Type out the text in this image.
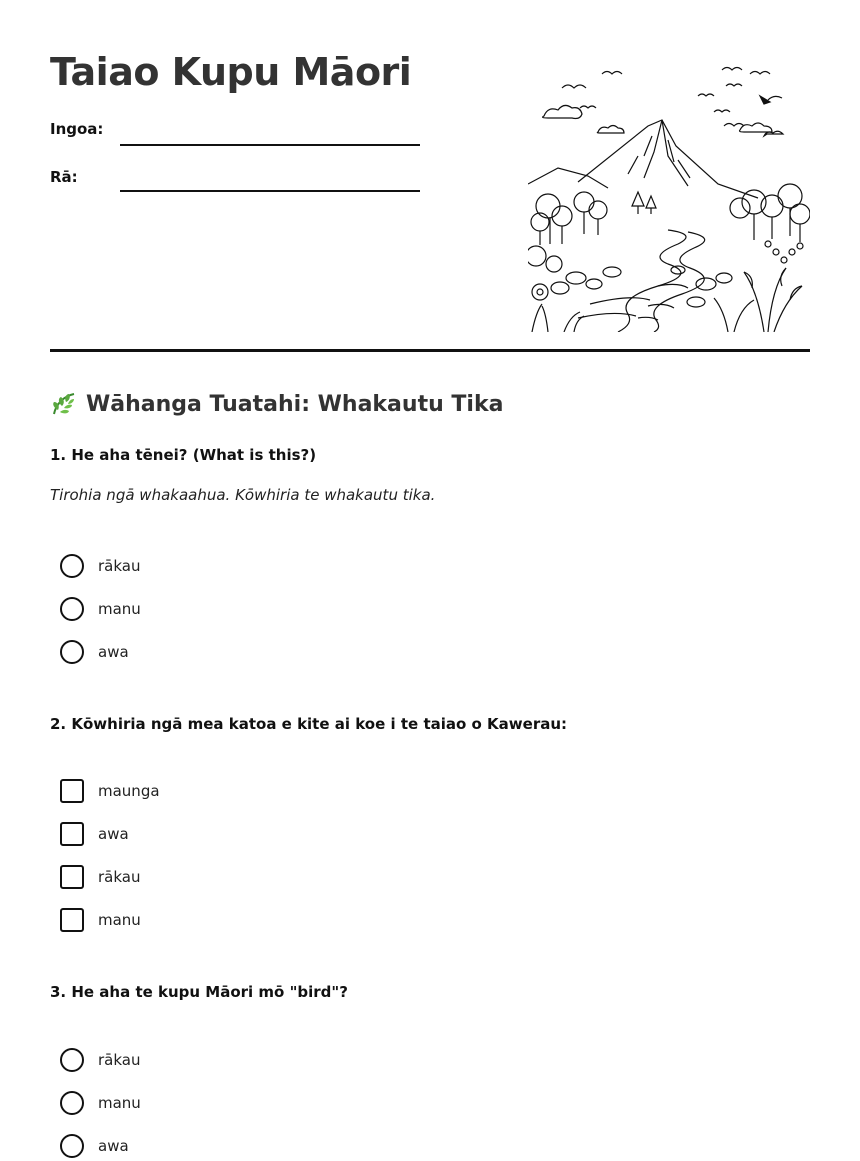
Taiao Kupu Māori
Ingoa:
Rā:
Wāhanga Tuatahi: Whakautu Tika
1. He aha tēnei? (What is this?)
Tirohia ngā whakaahua. Kōwhiria te whakautu tika.
rākau
manu
awa
2. Kōwhiria ngā mea katoa e kite ai koe i te taiao o Kawerau:
maunga
awa
rākau
manu
3. He aha te kupu Māori mō "bird"?
rākau
manu
awa
